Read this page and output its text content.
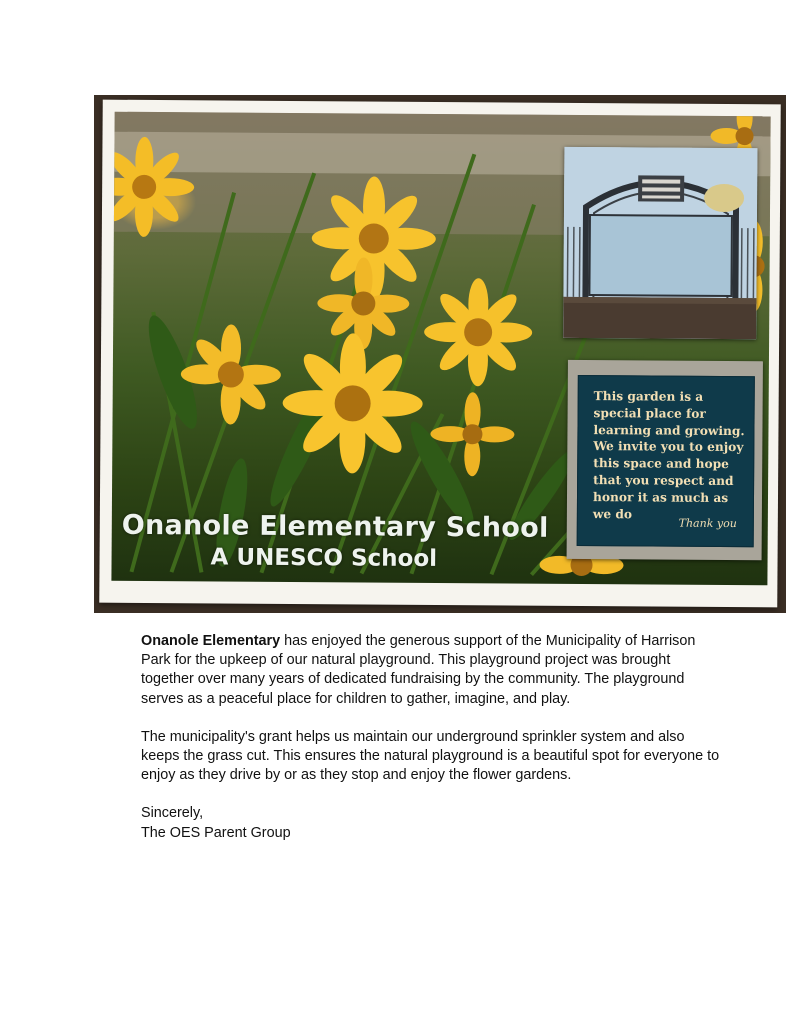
Onanole Elementary School
A UNESCO School
This garden is a special place for learning and growing. We invite you to enjoy this space and hope that you respect and honor it as much as we do
Thank you

Onanole Elementary has enjoyed the generous support of the Municipality of Harrison Park for the upkeep of our natural playground. This playground project was brought together over many years of dedicated fundraising by the community. The playground serves as a peaceful place for children to gather, imagine, and play.

The municipality's grant helps us maintain our underground sprinkler system and also keeps the grass cut. This ensures the natural playground is a beautiful spot for everyone to enjoy as they drive by or as they stop and enjoy the flower gardens.

Sincerely,
The OES Parent Group
